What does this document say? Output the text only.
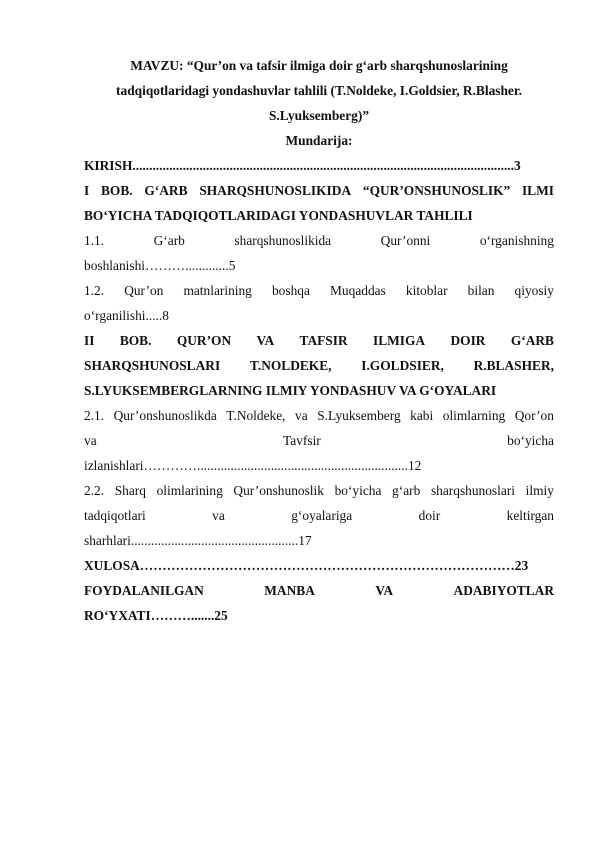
MAVZU: “Qur’on va tafsir ilmiga doir g‘arb sharqshunoslarining
tadqiqotlaridagi yondashuvlar tahlili (T.Noldeke, I.Goldsier, R.Blasher.
S.Lyuksemberg)”
Mundarija:
KIRISH..................................................................................................................3
I BOB. G‘ARB SHARQSHUNOSLIKIDA “QUR’ONSHUNOSLIK” ILMI
BO‘YICHA TADQIQOTLARIDAGI YONDASHUVLAR TAHLILI
1.1.	G‘arb	sharqshunoslikida	Qur’onni	o‘rganishning
boshlanishi……….............5
1.2. Qur’on matnlarining boshqa Muqaddas kitoblar bilan qiyosiy
o‘rganilishi.....8
II BOB. QUR’ON VA TAFSIR ILMIGA DOIR G‘ARB
SHARQSHUNOSLARI T.NOLDEKE, I.GOLDSIER, R.BLASHER,
S.LYUKSEMBERGLARNING ILMIY YONDASHUV VA G‘OYALARI
2.1. Qur’onshunoslikda T.Noldeke, va S.Lyuksemberg kabi olimlarning Qor’on
va	Tavfsir	bo‘yicha
izlanishlari…………...............................................................12
2.2. Sharq olimlarining Qur’onshunoslik bo‘yicha g‘arb sharqshunoslari ilmiy
tadqiqotlari	va	g‘oyalariga	doir	keltirgan
sharhlari..................................................17
XULOSA…………………………………………………………………………23
FOYDALANILGAN	MANBA	VA	ADABIYOTLAR
RO‘YXATI……….......25
